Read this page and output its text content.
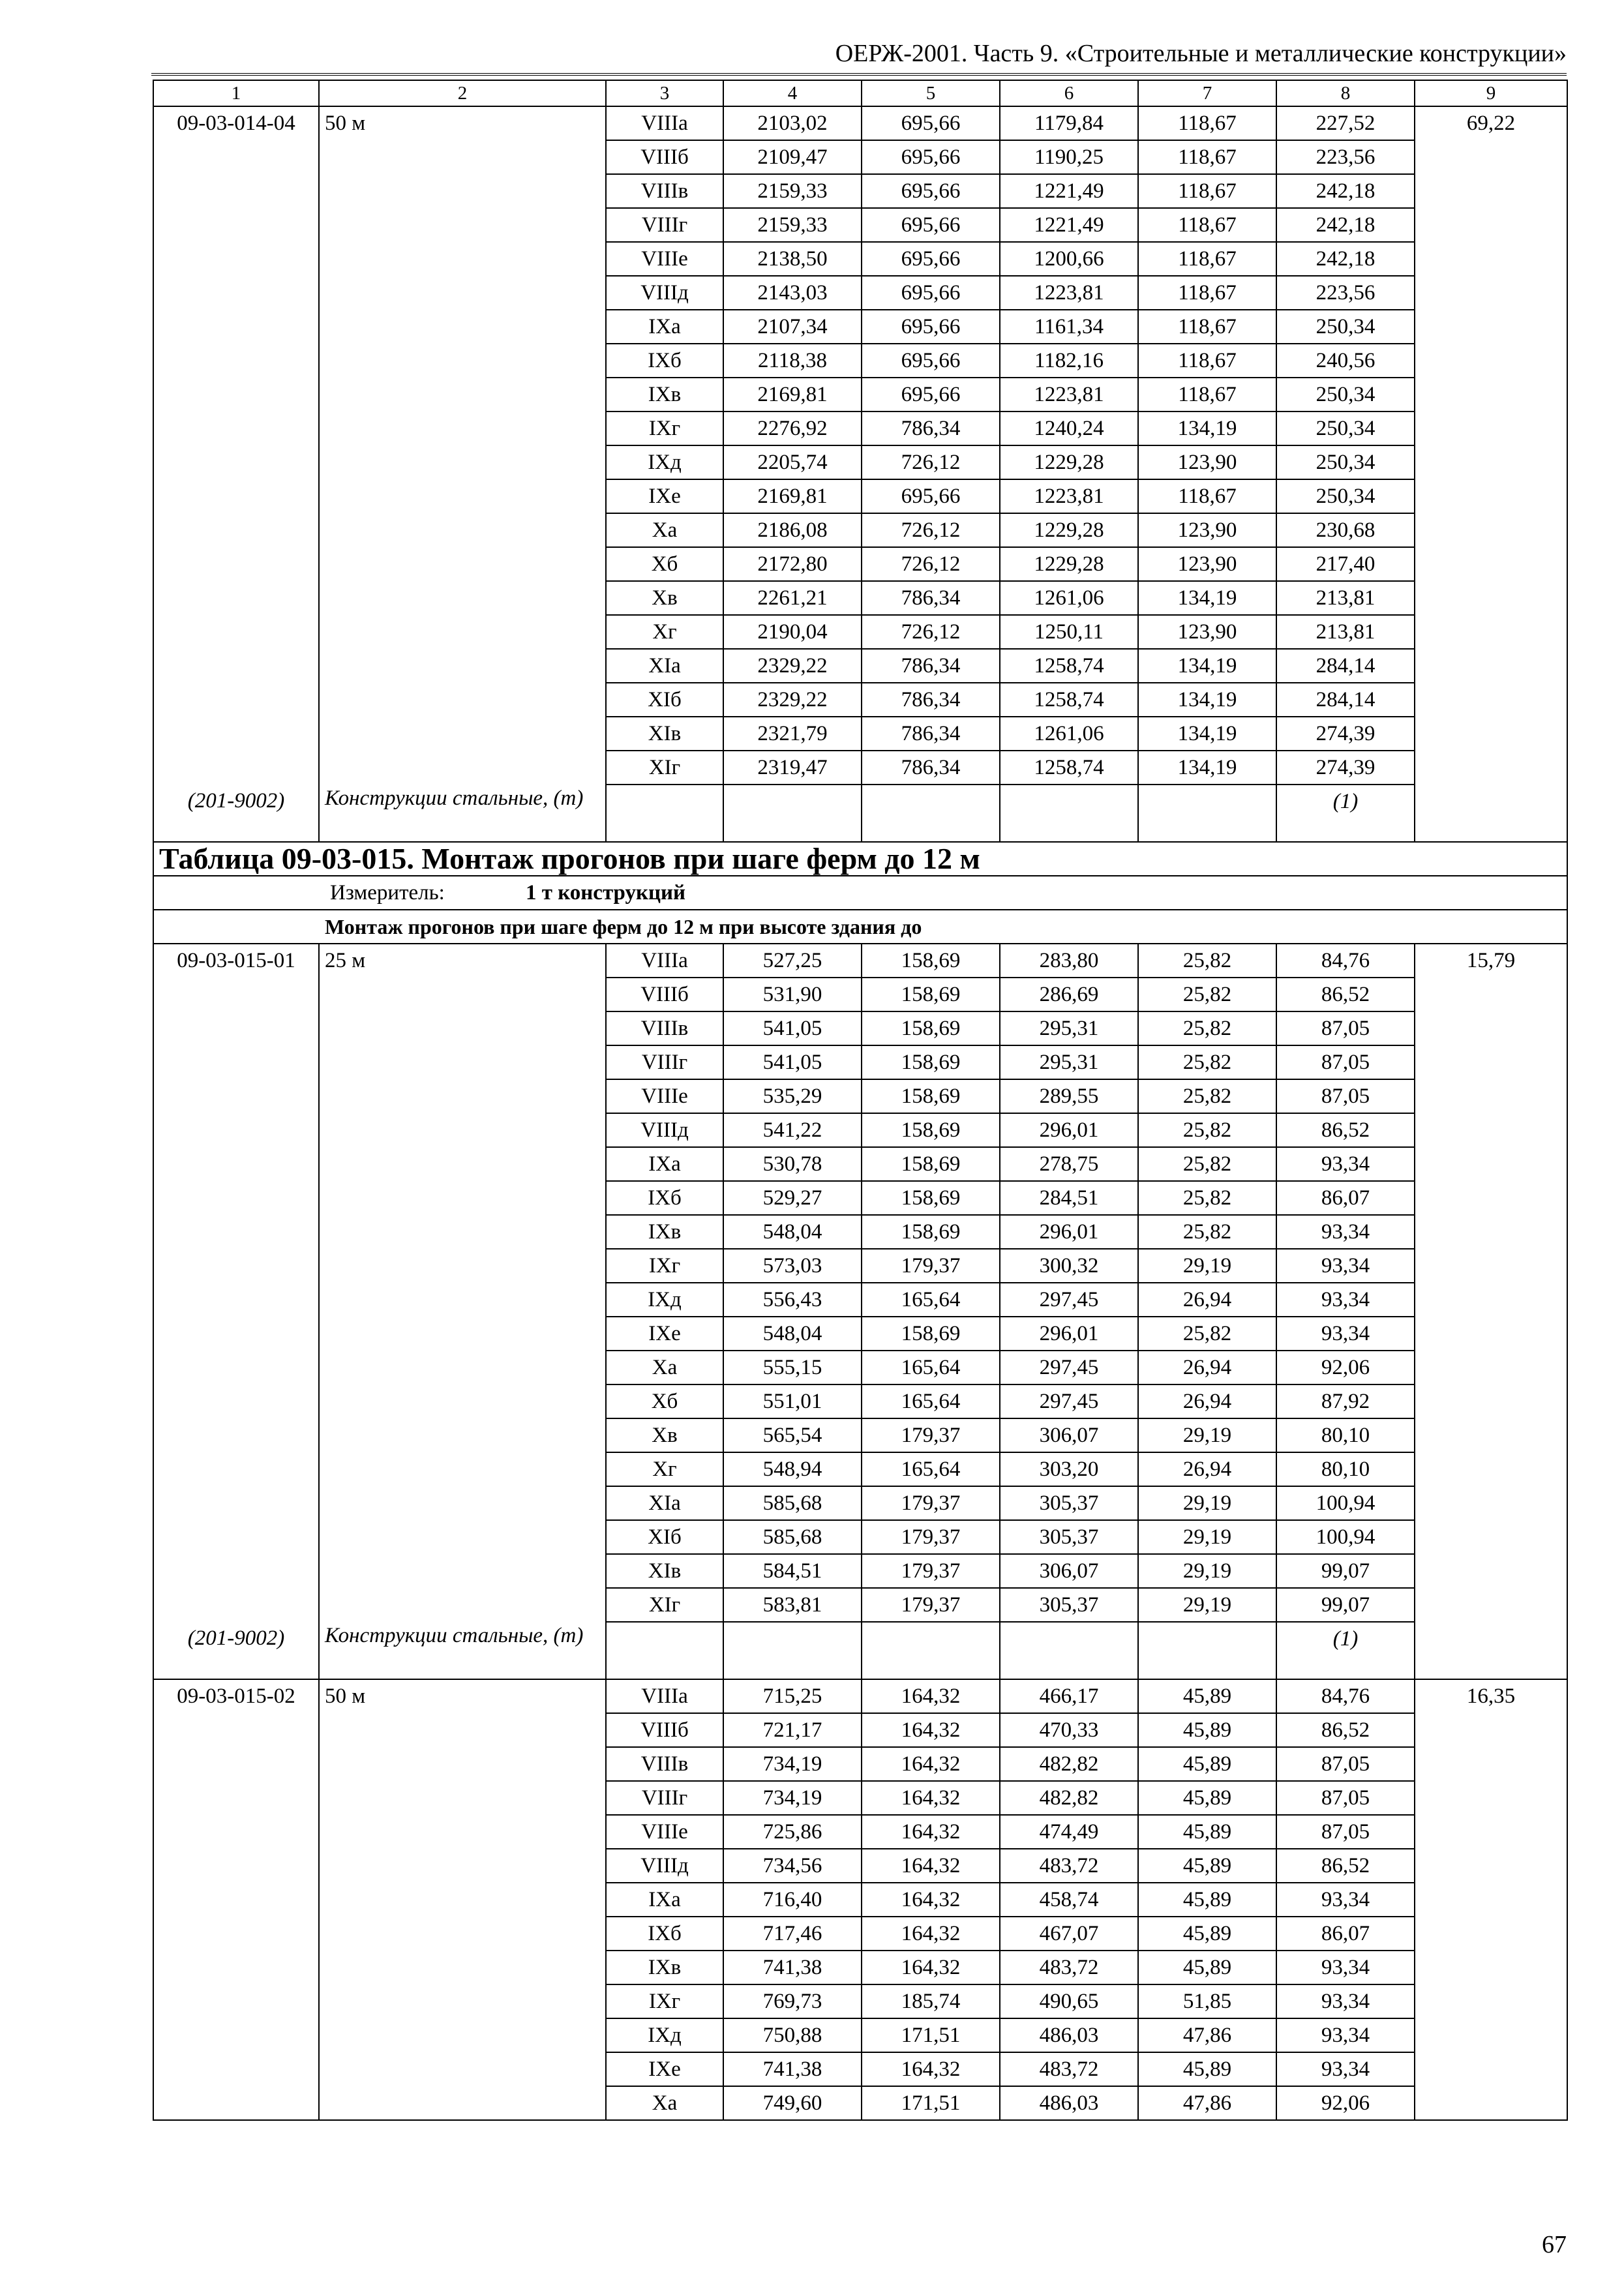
ОЕРЖ-2001. Часть 9. «Строительные и металлические конструкции»
1	2	3	4	5	6	7	8	9
09-03-014-04	50 м	VIIIа	2103,02	695,66	1179,84	118,67	227,52	69,22
		VIIIб	2109,47	695,66	1190,25	118,67	223,56	
		VIIIв	2159,33	695,66	1221,49	118,67	242,18	
		VIIIг	2159,33	695,66	1221,49	118,67	242,18	
		VIIIе	2138,50	695,66	1200,66	118,67	242,18	
		VIIIд	2143,03	695,66	1223,81	118,67	223,56	
		IXа	2107,34	695,66	1161,34	118,67	250,34	
		IXб	2118,38	695,66	1182,16	118,67	240,56	
		IXв	2169,81	695,66	1223,81	118,67	250,34	
		IXг	2276,92	786,34	1240,24	134,19	250,34	
		IXд	2205,74	726,12	1229,28	123,90	250,34	
		IXе	2169,81	695,66	1223,81	118,67	250,34	
		Xа	2186,08	726,12	1229,28	123,90	230,68	
		Xб	2172,80	726,12	1229,28	123,90	217,40	
		Xв	2261,21	786,34	1261,06	134,19	213,81	
		Xг	2190,04	726,12	1250,11	123,90	213,81	
		XIа	2329,22	786,34	1258,74	134,19	284,14	
		XIб	2329,22	786,34	1258,74	134,19	284,14	
		XIв	2321,79	786,34	1261,06	134,19	274,39	
		XIг	2319,47	786,34	1258,74	134,19	274,39	
(201-9002)	Конструкции стальные, (т)						(1)	
Таблица 09-03-015. Монтаж прогонов при шаге ферм до 12 м								
Измеритель: 1 т конструкций								
Монтаж прогонов при шаге ферм до 12 м при высоте здания до								
09-03-015-01	25 м	VIIIа	527,25	158,69	283,80	25,82	84,76	15,79
		VIIIб	531,90	158,69	286,69	25,82	86,52	
		VIIIв	541,05	158,69	295,31	25,82	87,05	
		VIIIг	541,05	158,69	295,31	25,82	87,05	
		VIIIе	535,29	158,69	289,55	25,82	87,05	
		VIIIд	541,22	158,69	296,01	25,82	86,52	
		IXа	530,78	158,69	278,75	25,82	93,34	
		IXб	529,27	158,69	284,51	25,82	86,07	
		IXв	548,04	158,69	296,01	25,82	93,34	
		IXг	573,03	179,37	300,32	29,19	93,34	
		IXд	556,43	165,64	297,45	26,94	93,34	
		IXе	548,04	158,69	296,01	25,82	93,34	
		Xа	555,15	165,64	297,45	26,94	92,06	
		Xб	551,01	165,64	297,45	26,94	87,92	
		Xв	565,54	179,37	306,07	29,19	80,10	
		Xг	548,94	165,64	303,20	26,94	80,10	
		XIа	585,68	179,37	305,37	29,19	100,94	
		XIб	585,68	179,37	305,37	29,19	100,94	
		XIв	584,51	179,37	306,07	29,19	99,07	
		XIг	583,81	179,37	305,37	29,19	99,07	
(201-9002)	Конструкции стальные, (т)						(1)	
09-03-015-02	50 м	VIIIа	715,25	164,32	466,17	45,89	84,76	16,35
		VIIIб	721,17	164,32	470,33	45,89	86,52	
		VIIIв	734,19	164,32	482,82	45,89	87,05	
		VIIIг	734,19	164,32	482,82	45,89	87,05	
		VIIIе	725,86	164,32	474,49	45,89	87,05	
		VIIIд	734,56	164,32	483,72	45,89	86,52	
		IXа	716,40	164,32	458,74	45,89	93,34	
		IXб	717,46	164,32	467,07	45,89	86,07	
		IXв	741,38	164,32	483,72	45,89	93,34	
		IXг	769,73	185,74	490,65	51,85	93,34	
		IXд	750,88	171,51	486,03	47,86	93,34	
		IXе	741,38	164,32	483,72	45,89	93,34	
		Xа	749,60	171,51	486,03	47,86	92,06	
67
